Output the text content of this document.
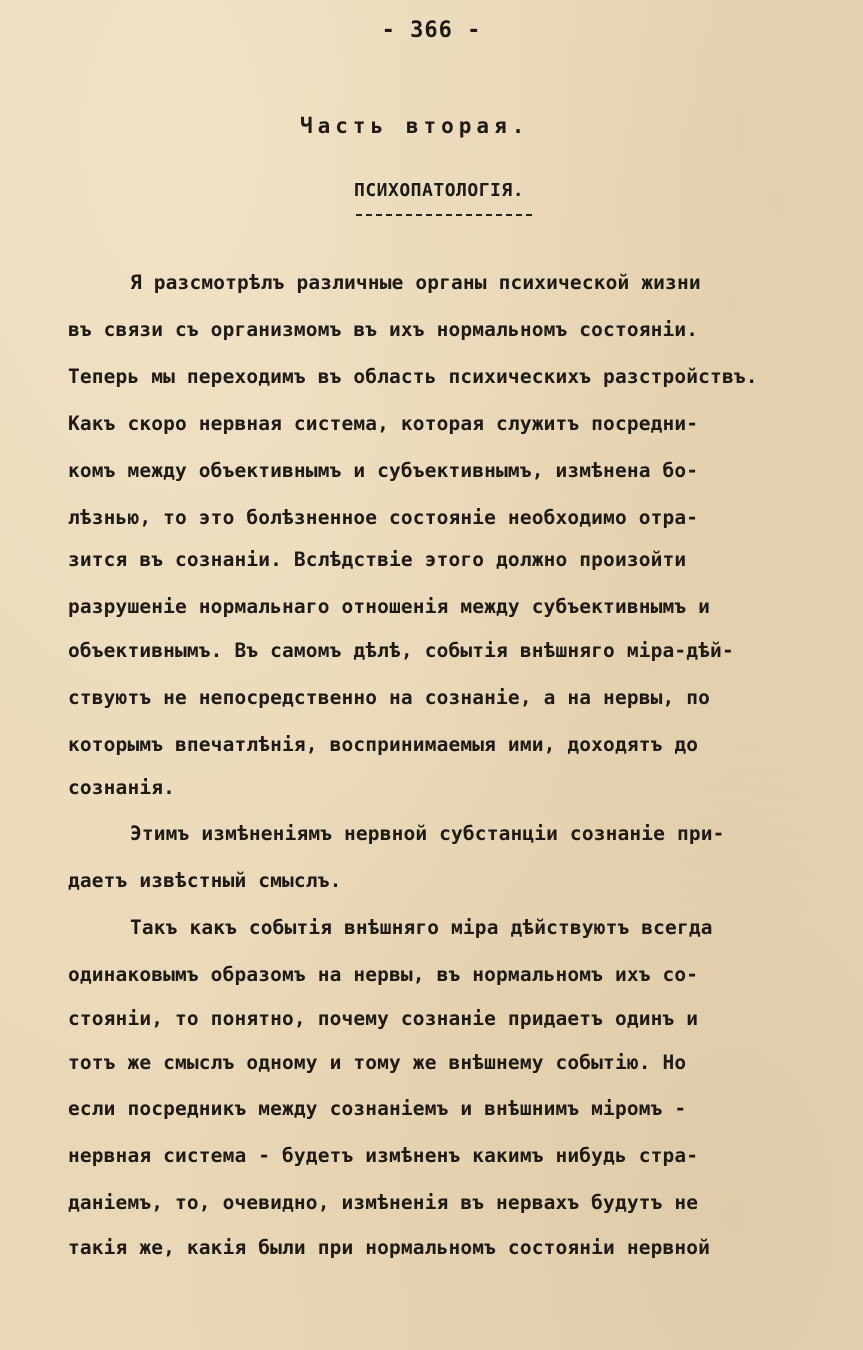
- 366 -
Часть вторая.
ПСИХОПАТОЛОГІЯ.
Я разсмотрѣлъ различные органы психической жизни
въ связи съ организмомъ въ ихъ нормальномъ состояніи.
Теперь мы переходимъ въ область психическихъ разстройствъ.
Какъ скоро нервная система, которая служитъ посредни-
комъ между объективнымъ и субъективнымъ, измѣнена бо-
лѣзнью, то это болѣзненное состояніе необходимо отра-
зится въ сознаніи. Вслѣдствіе этого должно произойти
разрушеніе нормальнаго отношенія между субъективнымъ и
объективнымъ. Въ самомъ дѣлѣ, событія внѣшняго міра-дѣй-
ствуютъ не непосредственно на сознаніе, а на нервы, по
которымъ впечатлѣнія, воспринимаемыя ими, доходятъ до
сознанія.
Этимъ измѣненіямъ нервной субстанціи сознаніе при-
даетъ извѣстный смыслъ.
Такъ какъ событія внѣшняго міра дѣйствуютъ всегда
одинаковымъ образомъ на нервы, въ нормальномъ ихъ со-
стояніи, то понятно, почему сознаніе придаетъ одинъ и
тотъ же смыслъ одному и тому же внѣшнему событію. Но
если посредникъ между сознаніемъ и внѣшнимъ міромъ -
нервная система - будетъ измѣненъ какимъ нибудь стра-
даніемъ, то, очевидно, измѣненія въ нервахъ будутъ не
такія же, какія были при нормальномъ состояніи нервной
